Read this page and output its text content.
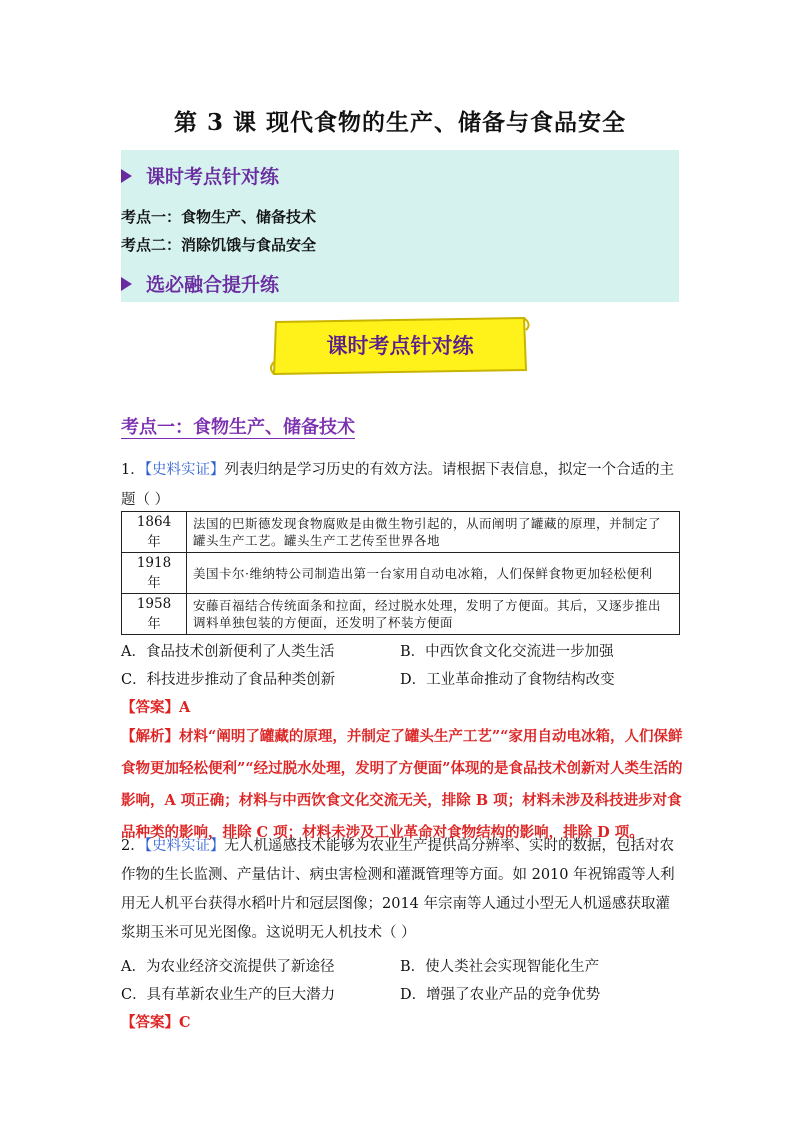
第 3 课 现代食物的生产、储备与食品安全
课时考点针对练
考点一：食物生产、储备技术
考点二：消除饥饿与食品安全
选必融合提升练
课时考点针对练
考点一：食物生产、储备技术
1．【史料实证】列表归纳是学习历史的有效方法。请根据下表信息，拟定一个合适的主题（ ）
1864 年	法国的巴斯德发现食物腐败是由微生物引起的，从而阐明了罐藏的原理，并制定了罐头生产工艺。罐头生产工艺传至世界各地
1918 年	美国卡尔·维纳特公司制造出第一台家用自动电冰箱，人们保鲜食物更加轻松便利
1958 年	安藤百福结合传统面条和拉面，经过脱水处理，发明了方便面。其后，又逐步推出调料单独包装的方便面，还发明了杯装方便面
A．食品技术创新便利了人类生活	B．中西饮食文化交流进一步加强
C．科技进步推动了食品种类创新	D．工业革命推动了食物结构改变
【答案】A
【解析】材料“阐明了罐藏的原理，并制定了罐头生产工艺”“家用自动电冰箱，人们保鲜食物更加轻松便利”“经过脱水处理，发明了方便面”体现的是食品技术创新对人类生活的影响，A 项正确；材料与中西饮食文化交流无关，排除 B 项；材料未涉及科技进步对食品种类的影响，排除 C 项；材料未涉及工业革命对食物结构的影响，排除 D 项。
2．【史料实证】无人机遥感技术能够为农业生产提供高分辨率、实时的数据，包括对农作物的生长监测、产量估计、病虫害检测和灌溉管理等方面。如 2010 年祝锦霞等人利用无人机平台获得水稻叶片和冠层图像；2014 年宗南等人通过小型无人机遥感获取灌浆期玉米可见光图像。这说明无人机技术（ ）
A．为农业经济交流提供了新途径	B．使人类社会实现智能化生产
C．具有革新农业生产的巨大潜力	D．增强了农业产品的竞争优势
【答案】C
